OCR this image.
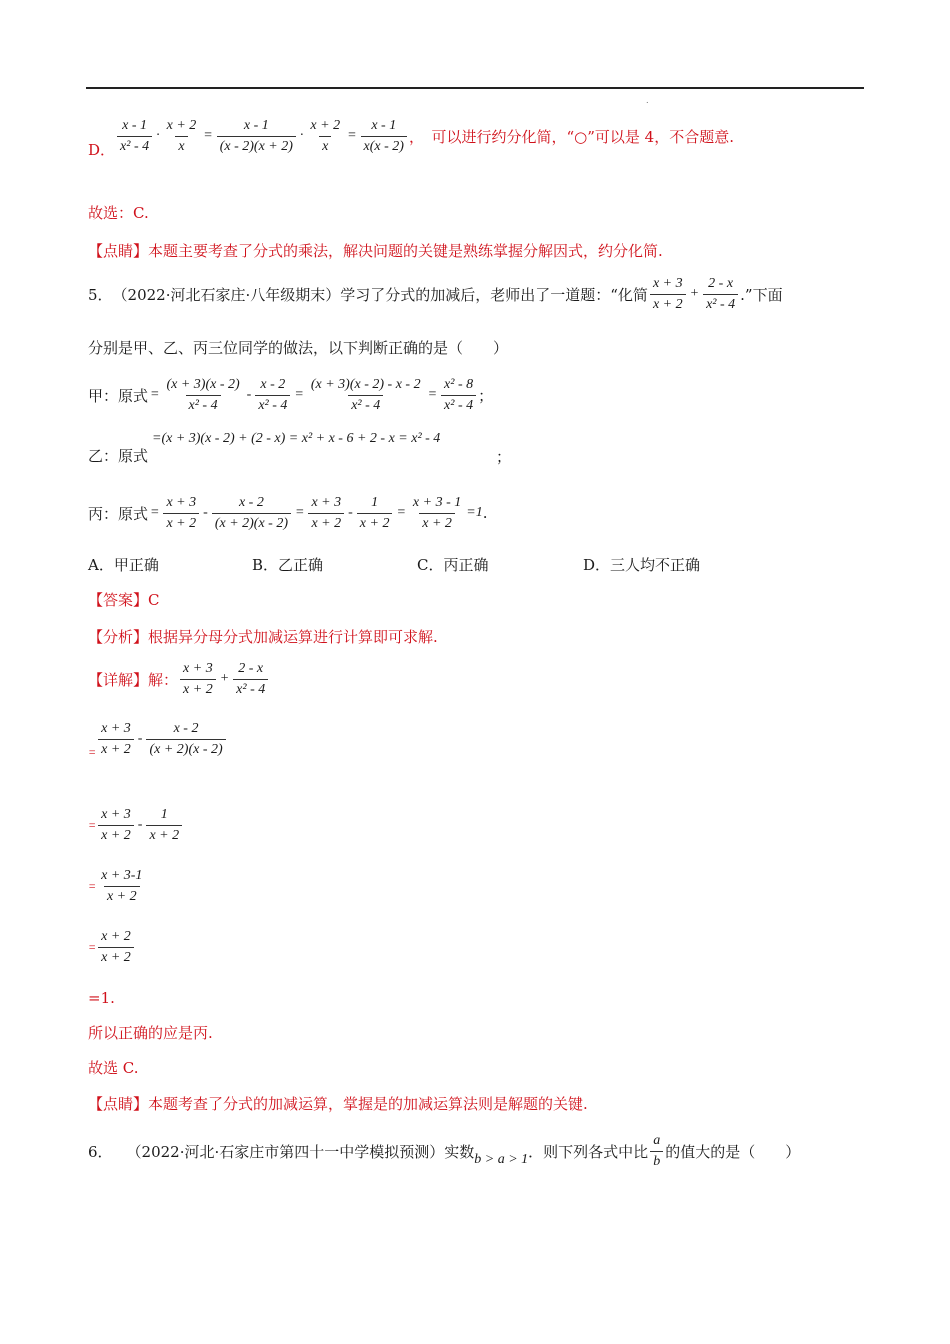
.
D． $\frac{x - 1}{\text{x² - 4}} \cdot \frac{x + 2}{x} = \frac{x - 1}{(x - 2)(x + 2)} \cdot \frac{x + 2}{x} = \frac{x - 1}{x(x - 2)}$ ，　可以进行约分化简，“○”可以是 4，不合题意.
故选：C.
【点睛】本题主要考查了分式的乘法，解决问题的关键是熟练掌握分解因式，约分化简.
5． （2022·河北石家庄·八年级期末）学习了分式的加减后，老师出了一道题：“化简 $\frac{x + 3}{x + 2} + \frac{2 - x}{\text{x² - 4}}$ .”下面
分别是甲、乙、丙三位同学的做法，以下判断正确的是（　　）
甲：原式 = $\frac{(x + 3)(x - 2)}{\text{x² - 4}} - \frac{x - 2}{\text{x² - 4}} = \frac{(x + 3)(x - 2) - x - 2}{\text{x² - 4}} = \frac{\text{x² - 8}}{\text{x² - 4}}$ ；
=(x + 3)(x - 2) + (2 - x) = x² + x - 6 + 2 - x = x² - 4
乙：原式	；
丙：原式 = $\frac{x + 3}{x + 2} - \frac{x - 2}{(x + 2)(x - 2)} = \frac{x + 3}{x + 2} - \frac{1}{x + 2} = \frac{x + 3 - 1}{x + 2} =1$ .
A．甲正确	B．乙正确	C．丙正确	D．三人均不正确
【答案】C
【分析】根据异分母分式加减运算进行计算即可求解.
【详解】 解： $\frac{x + 3}{x + 2} + \frac{2 - x}{\text{x² - 4}}$
= $\frac{x + 3}{x + 2} - \frac{x - 2}{(x + 2)(x - 2)}$
= $\frac{x + 3}{x + 2} - \frac{1}{x + 2}$
= $\frac{x + 3-1}{x + 2}$
= $\frac{x + 2}{x + 2}$
=1.
所以正确的应是丙.
故选 C.
【点睛】本题考查了分式的加减运算，掌握是的加减运算法则是解题的关键.
6． （2022·河北·石家庄市第四十一中学模拟预测）实数 b > a > 1 ．则下列各式中比 $\frac{a}{b}$ 的值大的是（　　）
